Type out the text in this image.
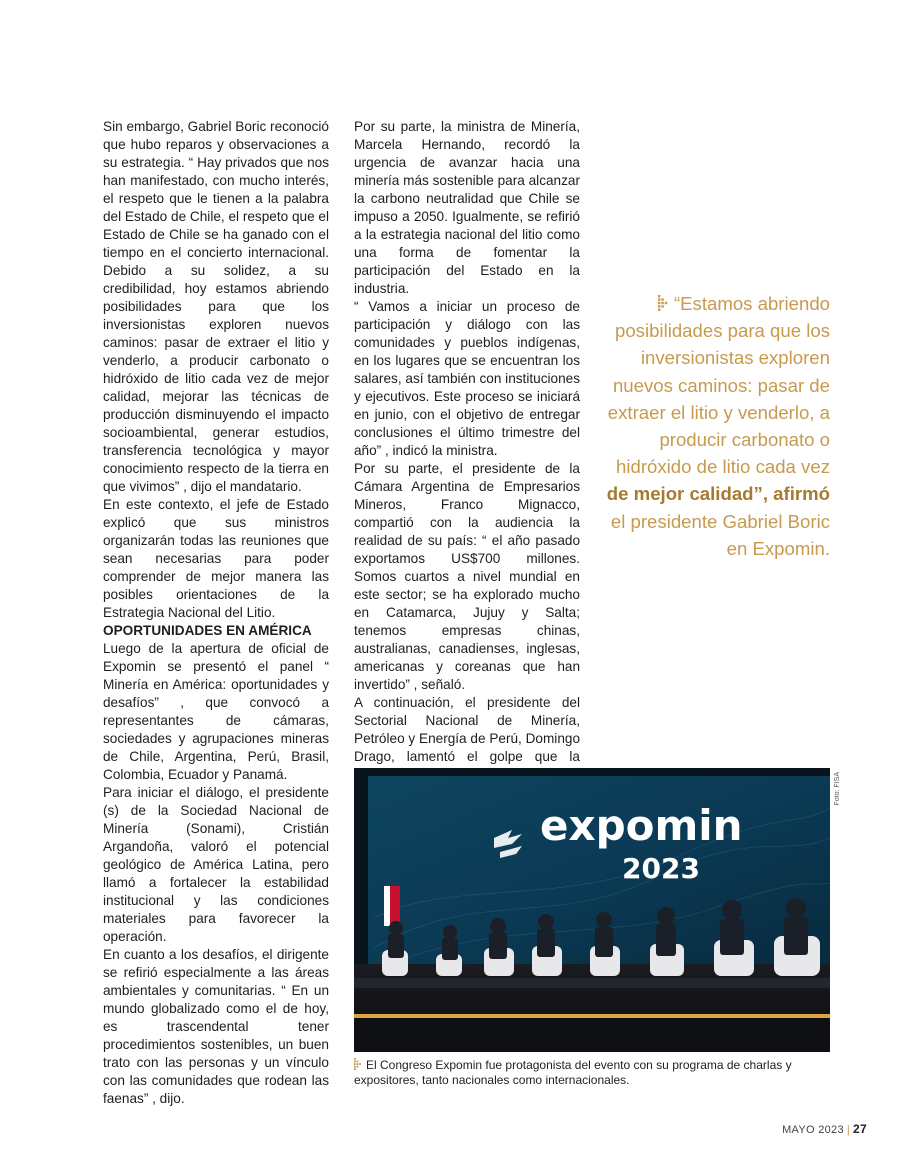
Sin embargo, Gabriel Boric reconoció que hubo reparos y observaciones a su estrategia. “ Hay privados que nos han manifestado, con mucho interés, el respeto que le tienen a la palabra del Estado de Chile, el respeto que el Estado de Chile se ha ganado con el tiempo en el concierto internacional. Debido a su solidez, a su credibilidad, hoy estamos abriendo posibilidades para que los inversionistas exploren nuevos caminos: pasar de extraer el litio y venderlo, a producir carbonato o hidróxido de litio cada vez de mejor calidad, mejorar las técnicas de producción disminuyendo el impacto socioambiental, generar estudios, transferencia tecnológica y mayor conocimiento respecto de la tierra en que vivimos” , dijo el mandatario.

En este contexto, el jefe de Estado explicó que sus ministros organizarán todas las reuniones que sean necesarias para poder comprender de mejor manera las posibles orientaciones de la Estrategia Nacional del Litio.

OPORTUNIDADES EN AMÉRICA

Luego de la apertura de oficial de Expomin se presentó el panel “ Minería en América: oportunidades y desafíos” , que convocó a representantes de cámaras, sociedades y agrupaciones mineras de Chile, Argentina, Perú, Brasil, Colombia, Ecuador y Panamá.

Para iniciar el diálogo, el presidente (s) de la Sociedad Nacional de Minería (Sonami), Cristián Argandoña, valoró el potencial geológico de América Latina, pero llamó a fortalecer la estabilidad institucional y las condiciones materiales para favorecer la operación.

En cuanto a los desafíos, el dirigente se refirió especialmente a las áreas ambientales y comunitarias. “ En un mundo globalizado como el de hoy, es trascendental tener procedimientos sostenibles, un buen trato con las personas y un vínculo con las comunidades que rodean las faenas” , dijo.

Por su parte, la ministra de Minería, Marcela Hernando, recordó la urgencia de avanzar hacia una minería más sostenible para alcanzar la carbono neutralidad que Chile se impuso a 2050. Igualmente, se refirió a la estrategia nacional del litio como una forma de fomentar la participación del Estado en la industria.

“ Vamos a iniciar un proceso de participación y diálogo con las comunidades y pueblos indígenas, en los lugares que se encuentran los salares, así también con instituciones y ejecutivos. Este proceso se iniciará en junio, con el objetivo de entregar conclusiones el último trimestre del año” , indicó la ministra.

Por su parte, el presidente de la Cámara Argentina de Empresarios Mineros, Franco Mignacco, compartió con la audiencia la realidad de su país: “ el año pasado exportamos US$700 millones. Somos cuartos a nivel mundial en este sector; se ha explorado mucho en Catamarca, Jujuy y Salta; tenemos empresas chinas, australianas, canadienses, inglesas, americanas y coreanas que han invertido” , señaló.

A continuación, el presidente del Sectorial Nacional de Minería, Petróleo y Energía de Perú, Domingo Drago, lamentó el golpe que la

“Estamos abriendo posibilidades para que los inversionistas exploren nuevos caminos: pasar de extraer el litio y venderlo, a producir carbonato o hidróxido de litio cada vez de mejor calidad”, afirmó el presidente Gabriel Boric en Expomin.
expomin
2023
Foto: FISA
El Congreso Expomin fue protagonista del evento con su programa de charlas y expositores, tanto nacionales como internacionales.
MAYO 2023 | 27
